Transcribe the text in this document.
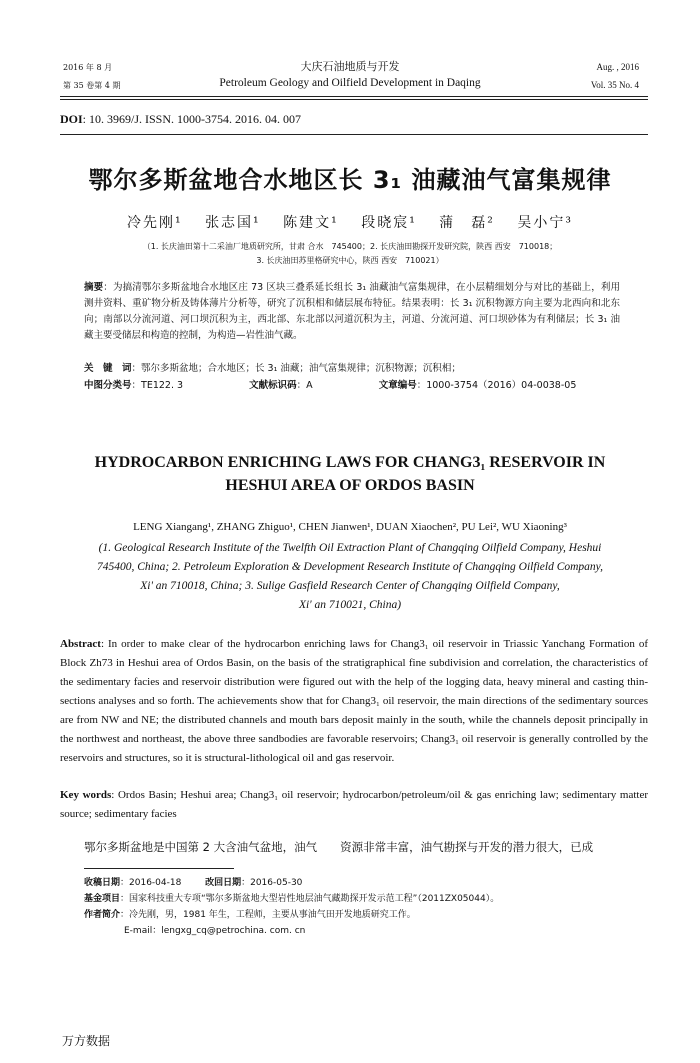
2016 年 8 月
第 35 卷第 4 期
大庆石油地质与开发
Petroleum Geology and Oilfield Development in Daqing
Aug. , 2016
Vol. 35 No. 4
DOI: 10. 3969/J. ISSN. 1000-3754. 2016. 04. 007
鄂尔多斯盆地合水地区长 3₁ 油藏油气富集规律
冷先刚¹ 张志国¹ 陈建文¹ 段晓宸¹ 蒲　磊² 吴小宁³
（1. 长庆油田第十二采油厂地质研究所，甘肃 合水　745400；2. 长庆油田勘探开发研究院，陕西 西安　710018；
3. 长庆油田苏里格研究中心，陕西 西安　710021）
摘要：为搞清鄂尔多斯盆地合水地区庄 73 区块三叠系延长组长 3₁ 油藏油气富集规律，在小层精细划分与对比的基础上，利用测井资料、重矿物分析及铸体薄片分析等，研究了沉积相和储层展布特征。结果表明：长 3₁ 沉积物源方向主要为北西向和北东向；南部以分流河道、河口坝沉积为主，西北部、东北部以河道沉积为主，河道、分流河道、河口坝砂体为有利储层；长 3₁ 油藏主要受储层和构造的控制，为构造—岩性油气藏。
关　键　词：鄂尔多斯盆地；合水地区；长 3₁ 油藏；油气富集规律；沉积物源；沉积相；
中图分类号：TE122. 3	文献标识码：A	文章编号：1000-3754（2016）04-0038-05
HYDROCARBON ENRICHING LAWS FOR CHANG3₁ RESERVOIR IN
HESHUI AREA OF ORDOS BASIN
LENG Xiangang¹, ZHANG Zhiguo¹, CHEN Jianwen¹, DUAN Xiaochen², PU Lei², WU Xiaoning³
(1. Geological Research Institute of the Twelfth Oil Extraction Plant of Changqing Oilfield Company, Heshui
745400, China; 2. Petroleum Exploration & Development Research Institute of Changqing Oilfield Company,
Xi' an 710018, China; 3. Sulige Gasfield Research Center of Changqing Oilfield Company,
Xi' an 710021, China)
Abstract: In order to make clear of the hydrocarbon enriching laws for Chang3₁ oil reservoir in Triassic Yanchang Formation of Block Zh73 in Heshui area of Ordos Basin, on the basis of the stratigraphical fine subdivision and correlation, the characteristics of the sedimentary facies and reservoir distribution were figured out with the help of the logging data, heavy mineral and casting thin-sections analyses and so forth. The achievements show that for Chang3₁ oil reservoir, the main directions of the sedimentary sources are from NW and NE; the distributed channels and mouth bars deposit mainly in the south, while the channels deposit principally in the northwest and northeast, the above three sandbodies are favorable reservoirs; Chang3₁ oil reservoir is generally controlled by the reservoirs and structures, so it is structural-lithological oil and gas reservoir.
Key words: Ordos Basin; Heshui area; Chang3₁ oil reservoir; hydrocarbon/petroleum/oil & gas enriching law; sedimentary matter source; sedimentary facies
鄂尔多斯盆地是中国第 2 大含油气盆地，油气　　资源非常丰富，油气勘探与开发的潜力很大，已成
收稿日期：2016-04-18	改回日期：2016-05-30
基金项目：国家科技重大专项“鄂尔多斯盆地大型岩性地层油气藏勘探开发示范工程”（2011ZX05044）。
作者简介：冷先刚，男，1981 年生，工程师，主要从事油气田开发地质研究工作。
E-mail：lengxg_cq@petrochina. com. cn
万方数据
